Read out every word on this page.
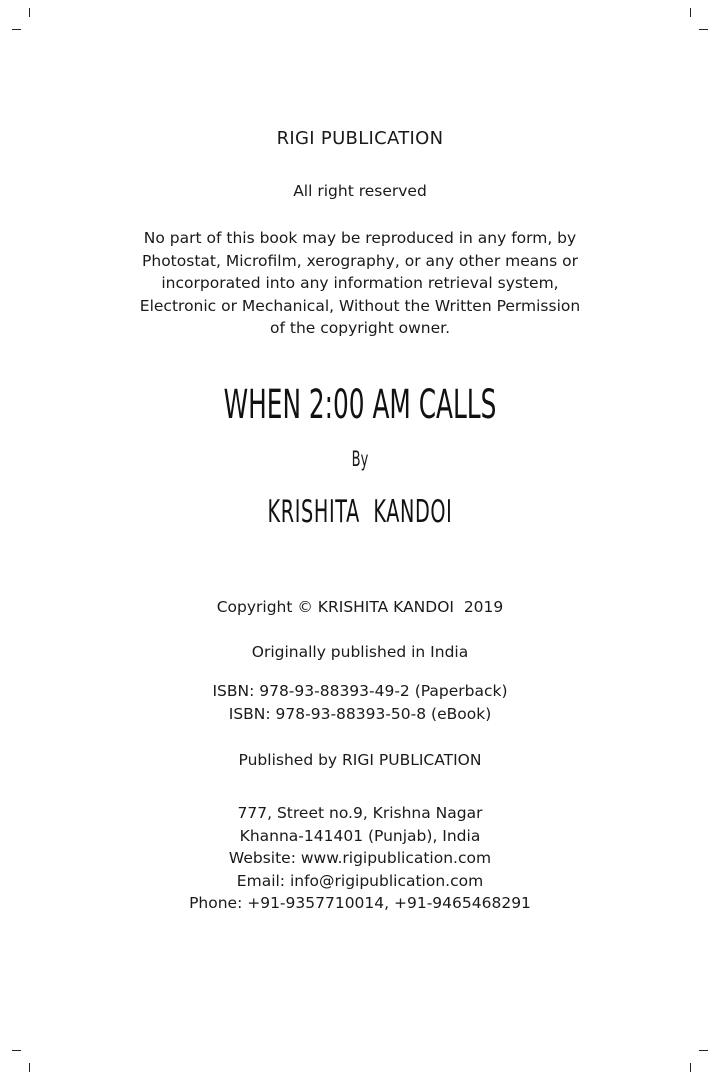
RIGI PUBLICATION
All right reserved
No part of this book may be reproduced in any form, by
Photostat, Microfilm, xerography, or any other means or
incorporated into any information retrieval system,
Electronic or Mechanical, Without the Written Permission
of the copyright owner.
WHEN 2:00 AM CALLS
By
KRISHITA  KANDOI
Copyright © KRISHITA KANDOI  2019
Originally published in India
ISBN: 978-93-88393-49-2 (Paperback)
ISBN: 978-93-88393-50-8 (eBook)
Published by RIGI PUBLICATION
777, Street no.9, Krishna Nagar
Khanna-141401 (Punjab), India
Website: www.rigipublication.com
Email: info@rigipublication.com
Phone: +91-9357710014, +91-9465468291
